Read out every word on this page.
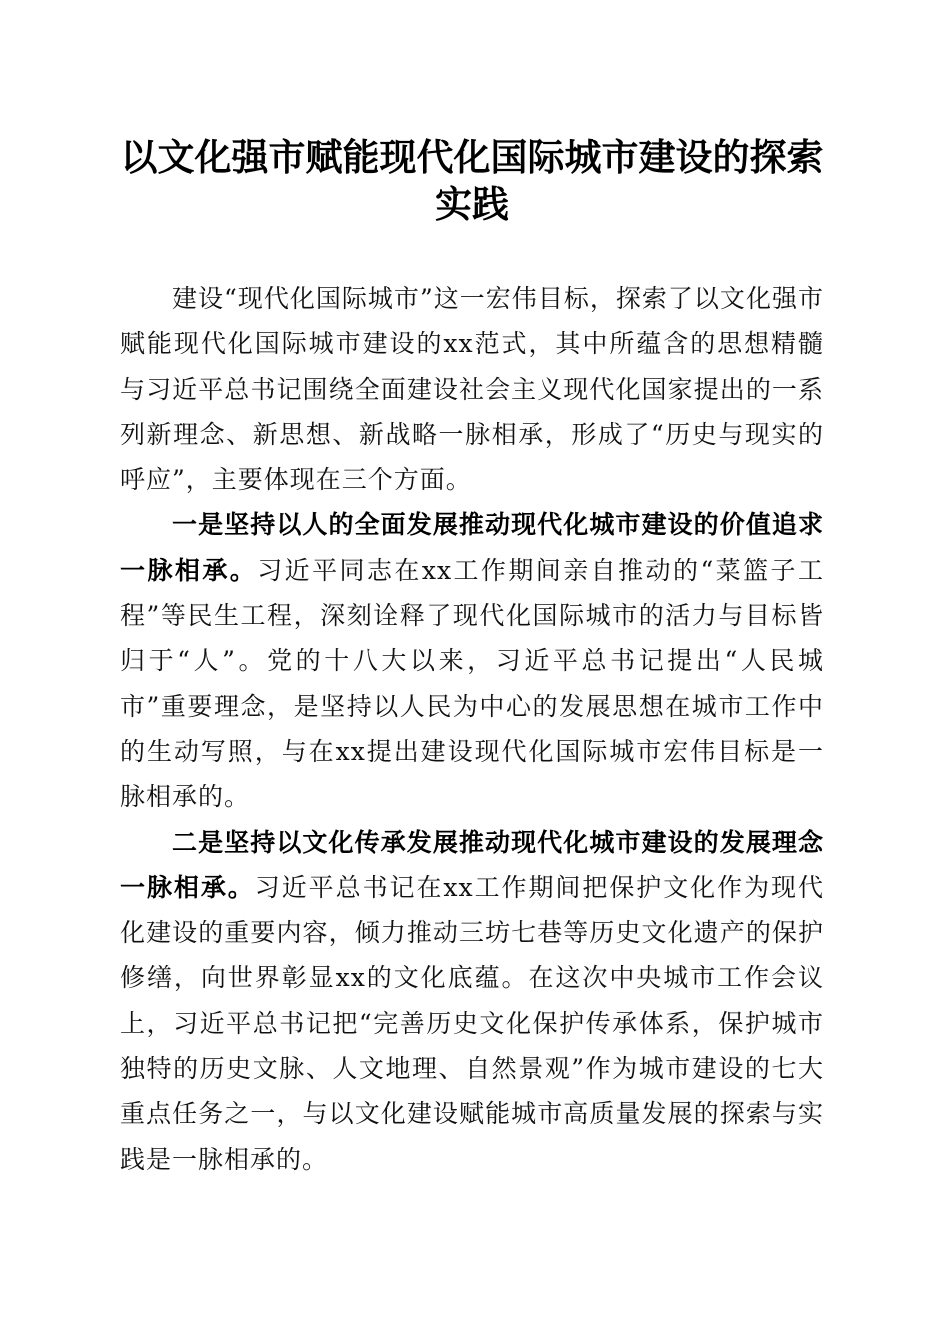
以文化强市赋能现代化国际城市建设的探索实践

建设“现代化国际城市”这一宏伟目标，探索了以文化强市赋能现代化国际城市建设的xx范式，其中所蕴含的思想精髓与习近平总书记围绕全面建设社会主义现代化国家提出的一系列新理念、新思想、新战略一脉相承，形成了“历史与现实的呼应”，主要体现在三个方面。

一是坚持以人的全面发展推动现代化城市建设的价值追求一脉相承。习近平同志在xx工作期间亲自推动的“菜篮子工程”等民生工程，深刻诠释了现代化国际城市的活力与目标皆归于“人”。党的十八大以来，习近平总书记提出“人民城市”重要理念，是坚持以人民为中心的发展思想在城市工作中的生动写照，与在xx提出建设现代化国际城市宏伟目标是一脉相承的。

二是坚持以文化传承发展推动现代化城市建设的发展理念一脉相承。习近平总书记在xx工作期间把保护文化作为现代化建设的重要内容，倾力推动三坊七巷等历史文化遗产的保护修缮，向世界彰显xx的文化底蕴。在这次中央城市工作会议上，习近平总书记把“完善历史文化保护传承体系，保护城市独特的历史文脉、人文地理、自然景观”作为城市建设的七大重点任务之一，与以文化建设赋能城市高质量发展的探索与实践是一脉相承的。
